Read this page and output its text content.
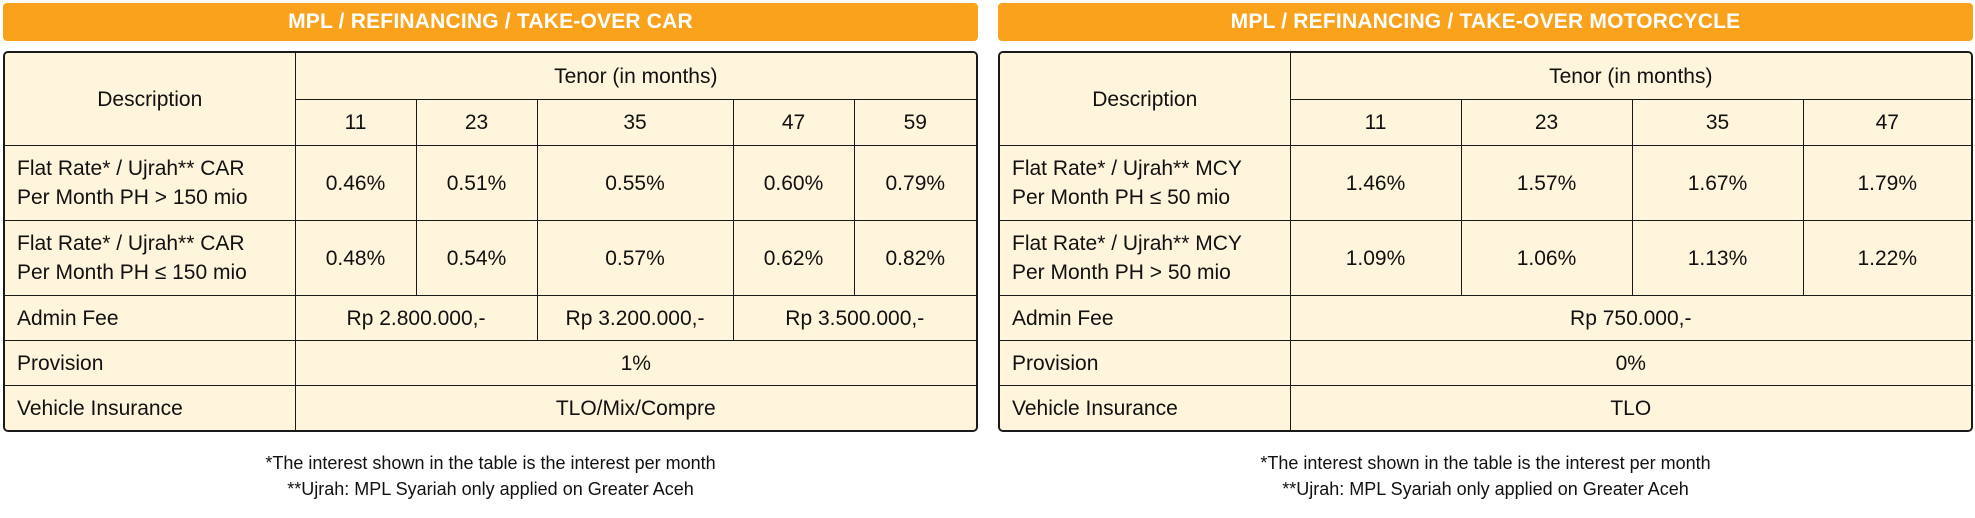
MPL / REFINANCING / TAKE-OVER CAR
Description	Tenor (in months)				
	11	23	35	47	59

Flat Rate* / Ujrah** CAR
Per Month PH > 150 mio	0.46%	0.51%	0.55%	0.60%	0.79%

Flat Rate* / Ujrah** CAR
Per Month PH ≤ 150 mio	0.48%	0.54%	0.57%	0.62%	0.82%
Admin Fee	Rp 2.800.000,-		Rp 3.200.000,-	Rp 3.500.000,-	
Provision	1%				
Vehicle Insurance	TLO/Mix/Compre				
*The interest shown in the table is the interest per month
**Ujrah: MPL Syariah only applied on Greater Aceh
MPL / REFINANCING / TAKE-OVER MOTORCYCLE
Description	Tenor (in months)			
	11	23	35	47

Flat Rate* / Ujrah** MCY
Per Month PH ≤ 50 mio	1.46%	1.57%	1.67%	1.79%

Flat Rate* / Ujrah** MCY
Per Month PH > 50 mio	1.09%	1.06%	1.13%	1.22%
Admin Fee	Rp 750.000,-			
Provision	0%			
Vehicle Insurance	TLO			
*The interest shown in the table is the interest per month
**Ujrah: MPL Syariah only applied on Greater Aceh
